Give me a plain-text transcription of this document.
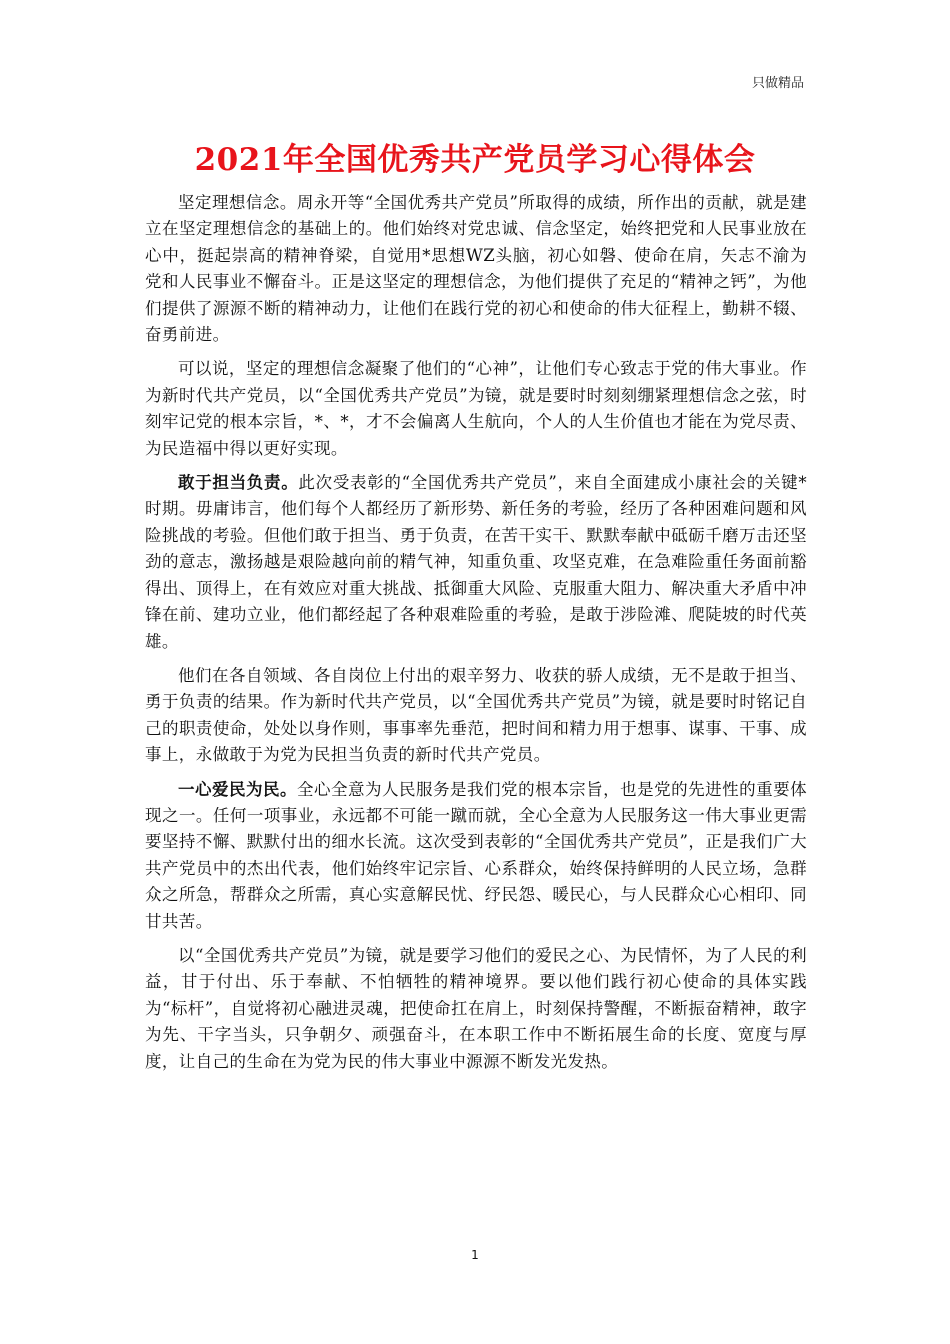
只做精品
2021年全国优秀共产党员学习心得体会

坚定理想信念。周永开等“全国优秀共产党员”所取得的成绩，所作出的贡献，就是建立在坚定理想信念的基础上的。他们始终对党忠诚、信念坚定，始终把党和人民事业放在心中，挺起崇高的精神脊梁，自觉用*思想WZ头脑，初心如磐、使命在肩，矢志不渝为党和人民事业不懈奋斗。正是这坚定的理想信念，为他们提供了充足的“精神之钙”，为他们提供了源源不断的精神动力，让他们在践行党的初心和使命的伟大征程上，勤耕不辍、奋勇前进。

可以说，坚定的理想信念凝聚了他们的“心神”，让他们专心致志于党的伟大事业。作为新时代共产党员，以“全国优秀共产党员”为镜，就是要时时刻刻绷紧理想信念之弦，时刻牢记党的根本宗旨，*、*，才不会偏离人生航向，个人的人生价值也才能在为党尽责、为民造福中得以更好实现。

敢于担当负责。此次受表彰的“全国优秀共产党员”，来自全面建成小康社会的关键*时期。毋庸讳言，他们每个人都经历了新形势、新任务的考验，经历了各种困难问题和风险挑战的考验。但他们敢于担当、勇于负责，在苦干实干、默默奉献中砥砺千磨万击还坚劲的意志，激扬越是艰险越向前的精气神，知重负重、攻坚克难，在急难险重任务面前豁得出、顶得上，在有效应对重大挑战、抵御重大风险、克服重大阻力、解决重大矛盾中冲锋在前、建功立业，他们都经起了各种艰难险重的考验，是敢于涉险滩、爬陡坡的时代英雄。

他们在各自领域、各自岗位上付出的艰辛努力、收获的骄人成绩，无不是敢于担当、勇于负责的结果。作为新时代共产党员，以“全国优秀共产党员”为镜，就是要时时铭记自己的职责使命，处处以身作则，事事率先垂范，把时间和精力用于想事、谋事、干事、成事上，永做敢于为党为民担当负责的新时代共产党员。

一心爱民为民。全心全意为人民服务是我们党的根本宗旨，也是党的先进性的重要体现之一。任何一项事业，永远都不可能一蹴而就，全心全意为人民服务这一伟大事业更需要坚持不懈、默默付出的细水长流。这次受到表彰的“全国优秀共产党员”，正是我们广大共产党员中的杰出代表，他们始终牢记宗旨、心系群众，始终保持鲜明的人民立场，急群众之所急，帮群众之所需，真心实意解民忧、纾民怨、暖民心，与人民群众心心相印、同甘共苦。

以“全国优秀共产党员”为镜，就是要学习他们的爱民之心、为民情怀，为了人民的利益，甘于付出、乐于奉献、不怕牺牲的精神境界。要以他们践行初心使命的具体实践为“标杆”，自觉将初心融进灵魂，把使命扛在肩上，时刻保持警醒，不断振奋精神，敢字为先、干字当头，只争朝夕、顽强奋斗，在本职工作中不断拓展生命的长度、宽度与厚度，让自己的生命在为党为民的伟大事业中源源不断发光发热。

1
